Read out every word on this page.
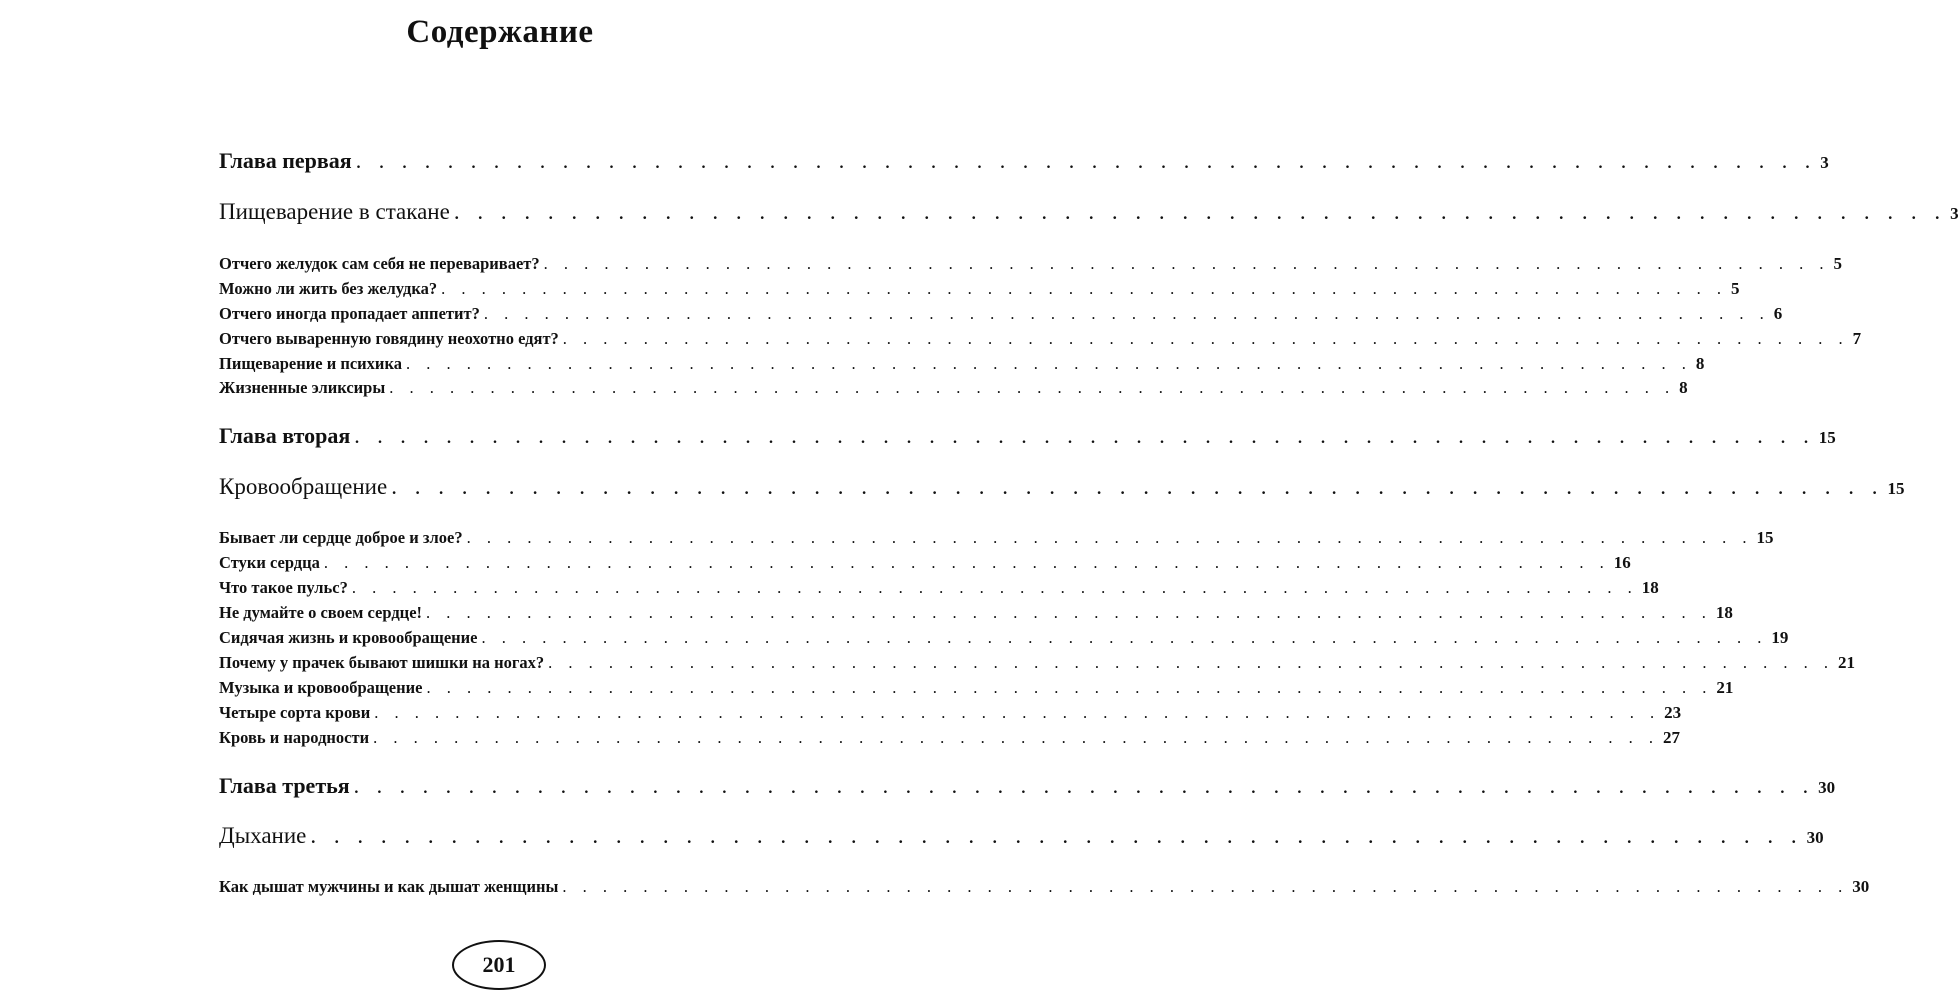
Содержание
Глава первая . . . . . . . . . . . . . . . . . . . . . . . . . . . . . . . . . . . . . . . . . . . . . . . . . . . . . . . . . . . . . . . . 3
Пищеварение в стакане . . . . . . . . . . . . . . . . . . . . . . . . . . . . . . . . . . . . . . . . . . . . . . . . . . . . . . . . . . . . . . . . 3
Отчего желудок сам себя не переваривает? . . . . . . . . . . . . . . . . . . . . . . . . . . . . . . . . . . . . . . . . . . . . . . . . . . . . . . . . . . . . . . . . 5
Можно ли жить без желудка? . . . . . . . . . . . . . . . . . . . . . . . . . . . . . . . . . . . . . . . . . . . . . . . . . . . . . . . . . . . . . . . . 5
Отчего иногда пропадает аппетит? . . . . . . . . . . . . . . . . . . . . . . . . . . . . . . . . . . . . . . . . . . . . . . . . . . . . . . . . . . . . . . . . 6
Отчего вываренную говядину неохотно едят? . . . . . . . . . . . . . . . . . . . . . . . . . . . . . . . . . . . . . . . . . . . . . . . . . . . . . . . . . . . . . . . . 7
Пищеварение и психика . . . . . . . . . . . . . . . . . . . . . . . . . . . . . . . . . . . . . . . . . . . . . . . . . . . . . . . . . . . . . . . . 8
Жизненные эликсиры . . . . . . . . . . . . . . . . . . . . . . . . . . . . . . . . . . . . . . . . . . . . . . . . . . . . . . . . . . . . . . . . 8
Глава вторая . . . . . . . . . . . . . . . . . . . . . . . . . . . . . . . . . . . . . . . . . . . . . . . . . . . . . . . . . . . . . . . . 15
Кровообращение . . . . . . . . . . . . . . . . . . . . . . . . . . . . . . . . . . . . . . . . . . . . . . . . . . . . . . . . . . . . . . . . 15
Бывает ли сердце доброе и злое? . . . . . . . . . . . . . . . . . . . . . . . . . . . . . . . . . . . . . . . . . . . . . . . . . . . . . . . . . . . . . . . . 15
Стуки сердца . . . . . . . . . . . . . . . . . . . . . . . . . . . . . . . . . . . . . . . . . . . . . . . . . . . . . . . . . . . . . . . . 16
Что такое пульс? . . . . . . . . . . . . . . . . . . . . . . . . . . . . . . . . . . . . . . . . . . . . . . . . . . . . . . . . . . . . . . . . 18
Не думайте о своем сердце! . . . . . . . . . . . . . . . . . . . . . . . . . . . . . . . . . . . . . . . . . . . . . . . . . . . . . . . . . . . . . . . . 18
Сидячая жизнь и кровообращение . . . . . . . . . . . . . . . . . . . . . . . . . . . . . . . . . . . . . . . . . . . . . . . . . . . . . . . . . . . . . . . . 19
Почему у прачек бывают шишки на ногах? . . . . . . . . . . . . . . . . . . . . . . . . . . . . . . . . . . . . . . . . . . . . . . . . . . . . . . . . . . . . . . . . 21
Музыка и кровообращение . . . . . . . . . . . . . . . . . . . . . . . . . . . . . . . . . . . . . . . . . . . . . . . . . . . . . . . . . . . . . . . . 21
Четыре сорта крови . . . . . . . . . . . . . . . . . . . . . . . . . . . . . . . . . . . . . . . . . . . . . . . . . . . . . . . . . . . . . . . . 23
Кровь и народности . . . . . . . . . . . . . . . . . . . . . . . . . . . . . . . . . . . . . . . . . . . . . . . . . . . . . . . . . . . . . . . . 27
Глава третья . . . . . . . . . . . . . . . . . . . . . . . . . . . . . . . . . . . . . . . . . . . . . . . . . . . . . . . . . . . . . . . . 30
Дыхание . . . . . . . . . . . . . . . . . . . . . . . . . . . . . . . . . . . . . . . . . . . . . . . . . . . . . . . . . . . . . . . . 30
Как дышат мужчины и как дышат женщины . . . . . . . . . . . . . . . . . . . . . . . . . . . . . . . . . . . . . . . . . . . . . . . . . . . . . . . . . . . . . . . . 30
201
